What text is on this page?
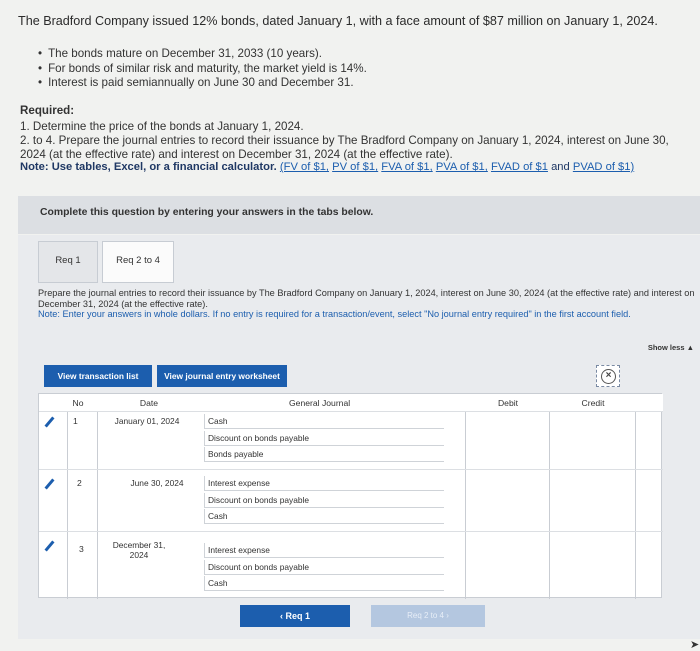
The Bradford Company issued 12% bonds, dated January 1, with a face amount of $87 million on January 1, 2024.
• The bonds mature on December 31, 2033 (10 years).
• For bonds of similar risk and maturity, the market yield is 14%.
• Interest is paid semiannually on June 30 and December 31.
Required:
1. Determine the price of the bonds at January 1, 2024.
2. to 4. Prepare the journal entries to record their issuance by The Bradford Company on January 1, 2024, interest on June 30, 2024 (at the effective rate) and interest on December 31, 2024 (at the effective rate).
Note: Use tables, Excel, or a financial calculator. (FV of $1, PV of $1, FVA of $1, PVA of $1, FVAD of $1 and PVAD of $1)
Complete this question by entering your answers in the tabs below.
Req 1	Req 2 to 4
Prepare the journal entries to record their issuance by The Bradford Company on January 1, 2024, interest on June 30, 2024 (at the effective rate) and interest on December 31, 2024 (at the effective rate).
Note: Enter your answers in whole dollars. If no entry is required for a transaction/event, select "No journal entry required" in the first account field.
Show less ▲
View transaction list	View journal entry worksheet	×
No	Date	General Journal	Debit	Credit
1	January 01, 2024	Cash
Discount on bonds payable
Bonds payable
2	June 30, 2024	Interest expense
Discount on bonds payable
Cash
3	December 31, 2024	Interest expense
Discount on bonds payable
Cash
‹ Req 1	Req 2 to 4 ›
➤
